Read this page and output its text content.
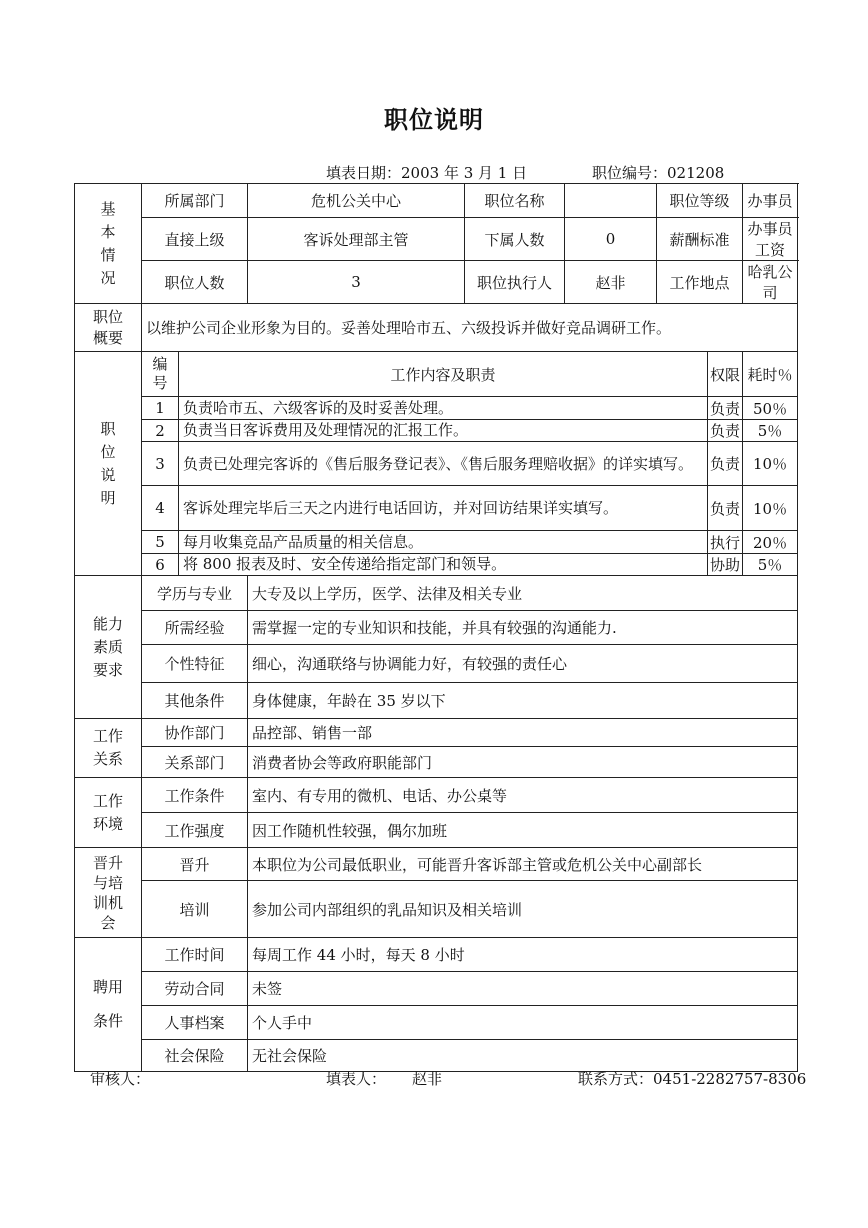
职位说明
填表日期：2003 年 3 月 1 日	职位编号：021208
基
本
情
况	所属部门		危机公关中心	职位名称		职位等级		办事员
	直接上级		客诉处理部主管	下属人数	0	薪酬标准		办事员工资
	职位人数		3	职位执行人	赵非	工作地点		哈乳公司

职位
概要	以维护公司企业形象为目的。妥善处理哈市五、六级投诉并做好竞品调研工作。							

职
位
说
明	编
号	工作内容及职责					权限	耗时％
	1	负责哈市五、六级客诉的及时妥善处理。					负责	50％
	2	负责当日客诉费用及处理情况的汇报工作。					负责	5％
	3	负责已处理完客诉的《售后服务登记表》、《售后服务理赔收据》的详实填写。					负责	10％
	4	客诉处理完毕后三天之内进行电话回访，并对回访结果详实填写。					负责	10％
	5	每月收集竞品产品质量的相关信息。					执行	20％
	6	将 800 报表及时、安全传递给指定部门和领导。					协助	5％

能力
素质
要求	学历与专业		大专及以上学历，医学、法律及相关专业					
	所需经验		需掌握一定的专业知识和技能，并具有较强的沟通能力.					
	个性特征		细心，沟通联络与协调能力好，有较强的责任心					
	其他条件		身体健康，年龄在 35 岁以下					

工作
关系	协作部门		品控部、销售一部					
	关系部门		消费者协会等政府职能部门					

工作
环境	工作条件		室内、有专用的微机、电话、办公桌等					
	工作强度		因工作随机性较强，偶尔加班					

晋升
与培
训机
会	晋升		本职位为公司最低职业，可能晋升客诉部主管或危机公关中心副部长					
	培训		参加公司内部组织的乳品知识及相关培训					

聘用

条件	工作时间		每周工作 44 小时，每天 8 小时					
	劳动合同		未签					
	人事档案		个人手中					
	社会保险		无社会保险					
审核人：	填表人： 赵非	联系方式：0451-2282757-8306
